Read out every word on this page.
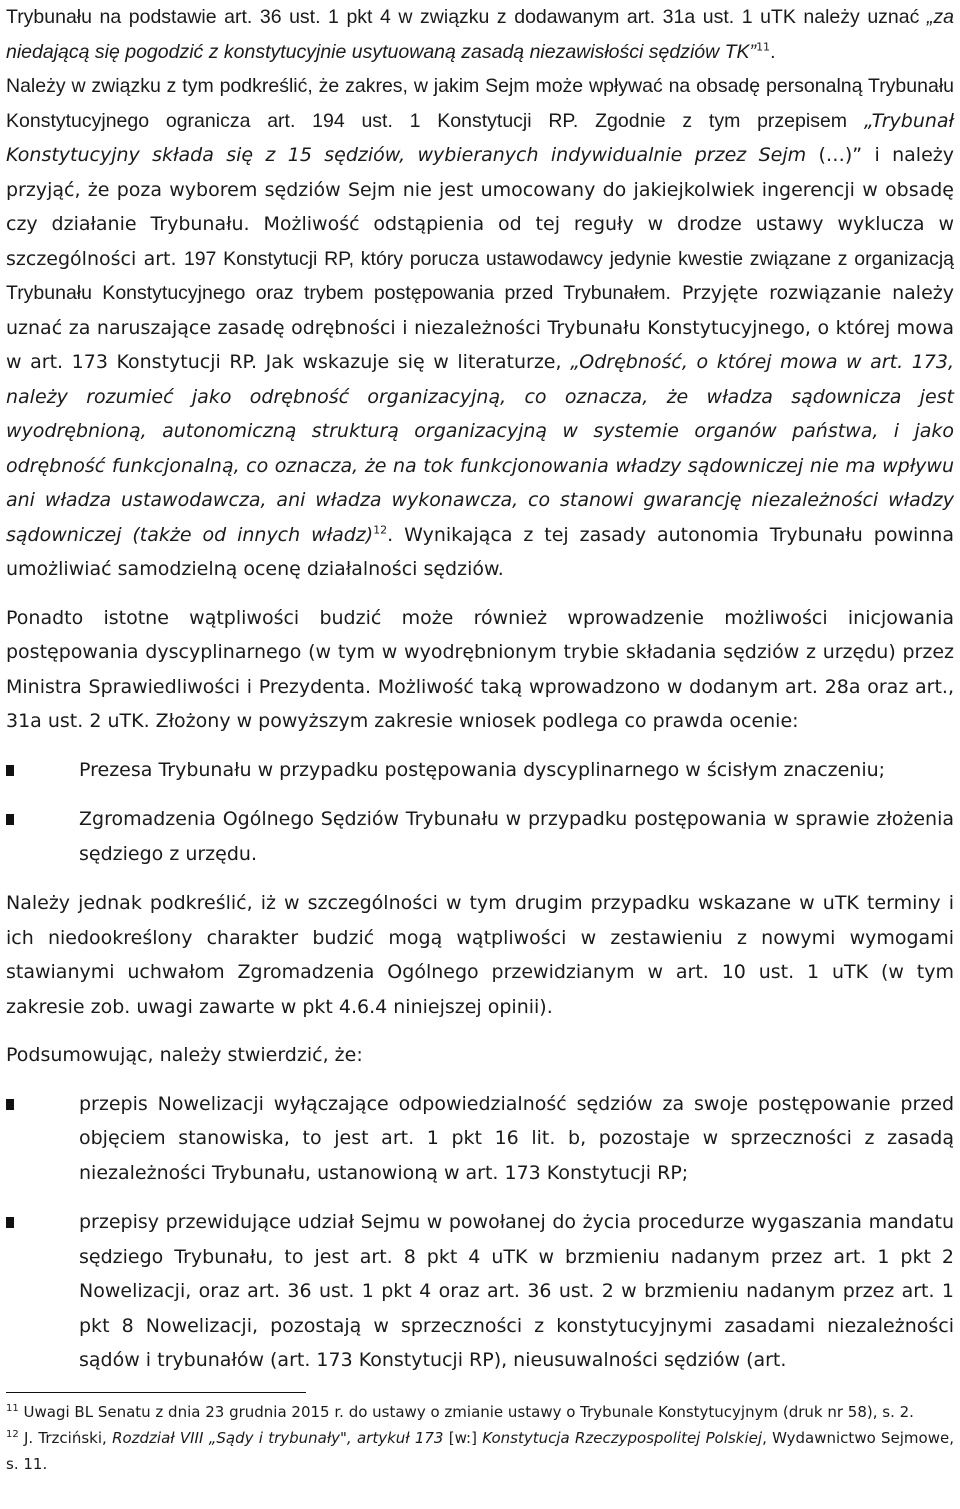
Trybunału na podstawie art. 36 ust. 1 pkt 4 w związku z dodawanym art. 31a ust. 1 uTK należy uznać „za niedającą się pogodzić z konstytucyjnie usytuowaną zasadą niezawisłości sędziów TK”$^{11}$.
Należy w związku z tym podkreślić, że zakres, w jakim Sejm może wpływać na obsadę personalną Trybunału Konstytucyjnego ogranicza art. 194 ust. 1 Konstytucji RP. Zgodnie z tym przepisem „Trybunał Konstytucyjny składa się z 15 sędziów, wybieranych indywidualnie przez Sejm (…)” i należy przyjąć, że poza wyborem sędziów Sejm nie jest umocowany do jakiejkolwiek ingerencji w obsadę czy działanie Trybunału. Możliwość odstąpienia od tej reguły w drodze ustawy wyklucza w szczególności art. 197 Konstytucji RP, który porucza ustawodawcy jedynie kwestie związane z organizacją Trybunału Konstytucyjnego oraz trybem postępowania przed Trybunałem. Przyjęte rozwiązanie należy uznać za naruszające zasadę odrębności i niezależności Trybunału Konstytucyjnego, o której mowa w art. 173 Konstytucji RP. Jak wskazuje się w literaturze, „Odrębność, o której mowa w art. 173, należy rozumieć jako odrębność organizacyjną, co oznacza, że władza sądownicza jest wyodrębnioną, autonomiczną strukturą organizacyjną w systemie organów państwa, i jako odrębność funkcjonalną, co oznacza, że na tok funkcjonowania władzy sądowniczej nie ma wpływu ani władza ustawodawcza, ani władza wykonawcza, co stanowi gwarancję niezależności władzy sądowniczej (także od innych władz)$^{12}$. Wynikająca z tej zasady autonomia Trybunału powinna umożliwiać samodzielną ocenę działalności sędziów.

Ponadto istotne wątpliwości budzić może również wprowadzenie możliwości inicjowania postępowania dyscyplinarnego (w tym w wyodrębnionym trybie składania sędziów z urzędu) przez Ministra Sprawiedliwości i Prezydenta. Możliwość taką wprowadzono w dodanym art. 28a oraz art., 31a ust. 2 uTK. Złożony w powyższym zakresie wniosek podlega co prawda ocenie:

Prezesa Trybunału w przypadku postępowania dyscyplinarnego w ścisłym znaczeniu;
Zgromadzenia Ogólnego Sędziów Trybunału w przypadku postępowania w sprawie złożenia sędziego z urzędu.

Należy jednak podkreślić, iż w szczególności w tym drugim przypadku wskazane w uTK terminy i ich niedookreślony charakter budzić mogą wątpliwości w zestawieniu z nowymi wymogami stawianymi uchwałom Zgromadzenia Ogólnego przewidzianym w art. 10 ust. 1 uTK (w tym zakresie zob. uwagi zawarte w pkt 4.6.4 niniejszej opinii).

Podsumowując, należy stwierdzić, że:

przepis Nowelizacji wyłączające odpowiedzialność sędziów za swoje postępowanie przed objęciem stanowiska, to jest art. 1 pkt 16 lit. b, pozostaje w sprzeczności z zasadą niezależności Trybunału, ustanowioną w art. 173 Konstytucji RP;
przepisy przewidujące udział Sejmu w powołanej do życia procedurze wygaszania mandatu sędziego Trybunału, to jest art. 8 pkt 4 uTK w brzmieniu nadanym przez art. 1 pkt 2 Nowelizacji, oraz art. 36 ust. 1 pkt 4 oraz art. 36 ust. 2 w brzmieniu nadanym przez art. 1 pkt 8 Nowelizacji, pozostają w sprzeczności z konstytucyjnymi zasadami niezależności sądów i trybunałów (art. 173 Konstytucji RP), nieusuwalności sędziów (art.

$^{11}$ Uwagi BL Senatu z dnia 23 grudnia 2015 r. do ustawy o zmianie ustawy o Trybunale Konstytucyjnym (druk nr 58), s. 2.

$^{12}$ J. Trzciński, Rozdział VIII „Sądy i trybunały", artykuł 173 [w:] Konstytucja Rzeczypospolitej Polskiej, Wydawnictwo Sejmowe, s. 11.
